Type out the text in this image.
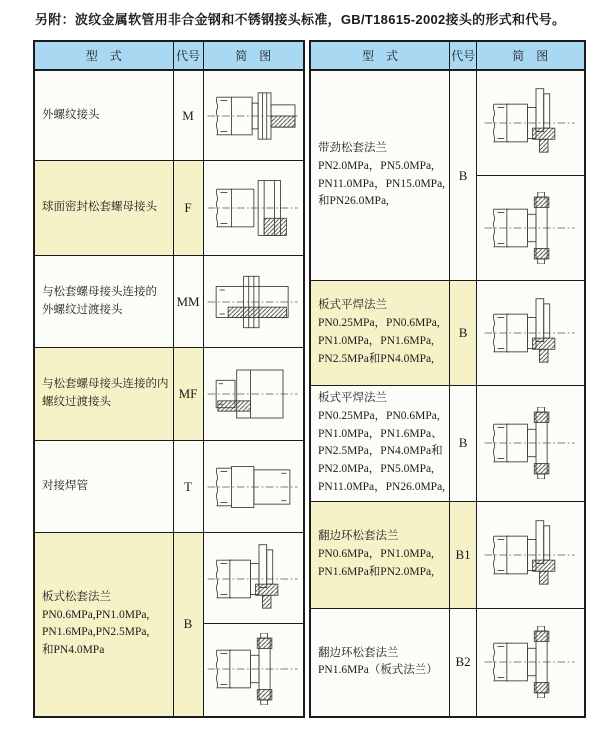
另附：波纹金属软管用非合金钢和不锈钢接头标准，GB/T18615-2002接头的形式和代号。
型　式	代号	简　图

外螺纹接头	M	

球面密封松套螺母接头	F	

与松套螺母接头连接的
外螺纹过渡接头	MM	

与松套螺母接头连接的内
螺纹过渡接头	MF	

对接焊管	T	

板式松套法兰
PN0.6MPa,PN1.0MPa,
PN1.6MPa,PN2.5MPa,
和PN4.0MPa	B	
型　式	代号	简　图

带劲松套法兰
PN2.0MPa，PN5.0MPa,
PN11.0MPa，PN15.0MPa,
和PN26.0MPa,	B	

板式平焊法兰
PN0.25MPa，PN0.6MPa,
PN1.0MPa，PN1.6MPa,
PN2.5MPa和PN4.0MPa,	B	

板式平焊法兰
PN0.25MPa，PN0.6MPa,
PN1.0MPa，PN1.6MPa、
PN2.5MPa，PN4.0MPa和
PN2.0MPa，PN5.0MPa,
PN11.0MPa，PN26.0MPa,
	B	

翻边环松套法兰
PN0.6MPa，PN1.0MPa,
PN1.6MPa和PN2.0MPa,	B1	

翻边环松套法兰
PN1.6MPa（板式法兰）	B2	
